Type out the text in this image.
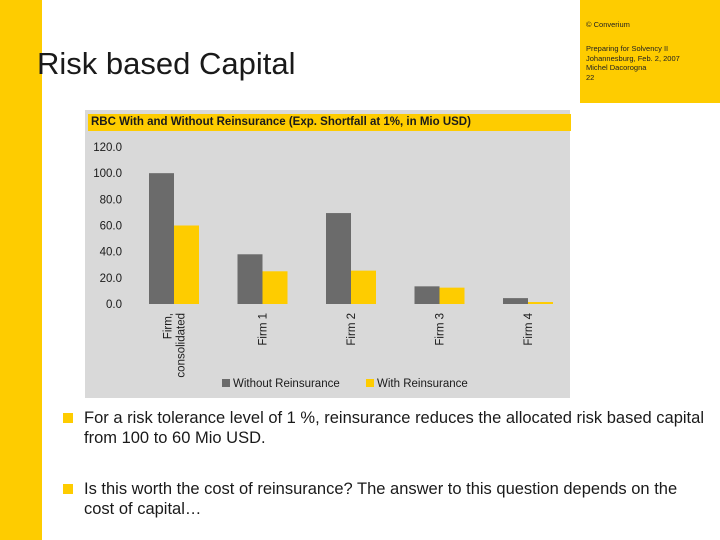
Risk based Capital
© Converium
Preparing for Solvency II
Johannesburg, Feb. 2, 2007
Michel Dacorogna
22
RBC With and Without Reinsurance (Exp. Shortfall at 1%, in Mio USD)
120.0
100.0
80.0
60.0
40.0
20.0
0.0
Firm, consolidated	Firm 1	Firm 2	Firm 3	Firm 4
Without Reinsurance	With Reinsurance
For a risk tolerance level of 1 %, reinsurance reduces the allocated risk based capital from 100 to 60 Mio USD.
Is this worth the cost of reinsurance? The answer to this question depends on the cost of capital…
